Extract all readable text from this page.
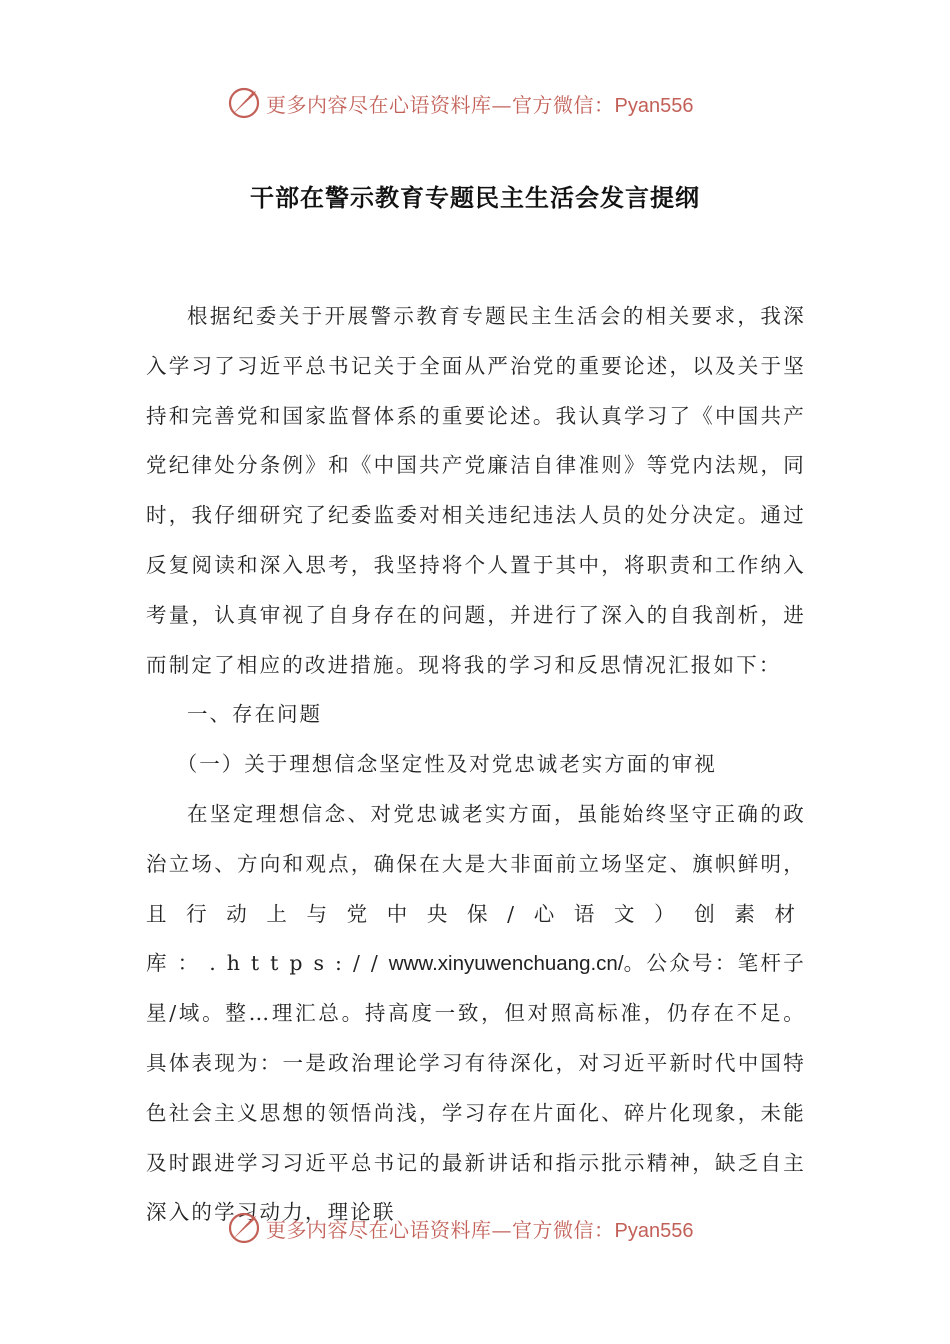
更多内容尽在心语资料库—官方微信：Pyan556
干部在警示教育专题民主生活会发言提纲

根据纪委关于开展警示教育专题民主生活会的相关要求，我深入学习了习近平总书记关于全面从严治党的重要论述，以及关于坚持和完善党和国家监督体系的重要论述。我认真学习了《中国共产党纪律处分条例》和《中国共产党廉洁自律准则》等党内法规，同时，我仔细研究了纪委监委对相关违纪违法人员的处分决定。通过反复阅读和深入思考，我坚持将个人置于其中，将职责和工作纳入考量，认真审视了自身存在的问题，并进行了深入的自我剖析，进而制定了相应的改进措施。现将我的学习和反思情况汇报如下：

一、存在问题

（一）关于理想信念坚定性及对党忠诚老实方面的审视

在坚定理想信念、对党忠诚老实方面，虽能始终坚守正确的政治立场、方向和观点，确保在大是大非面前立场坚定、旗帜鲜明，且行动上与党中央保/心语文）创素材库：.https://www.xinyuwenchuang.cn/。公众号：笔杆子星/域。整…理汇总。持高度一致，但对照高标准，仍存在不足。具体表现为：一是政治理论学习有待深化，对习近平新时代中国特色社会主义思想的领悟尚浅，学习存在片面化、碎片化现象，未能及时跟进学习习近平总书记的最新讲话和指示批示精神，缺乏自主深入的学习动力，理论联

更多内容尽在心语资料库—官方微信：Pyan556
